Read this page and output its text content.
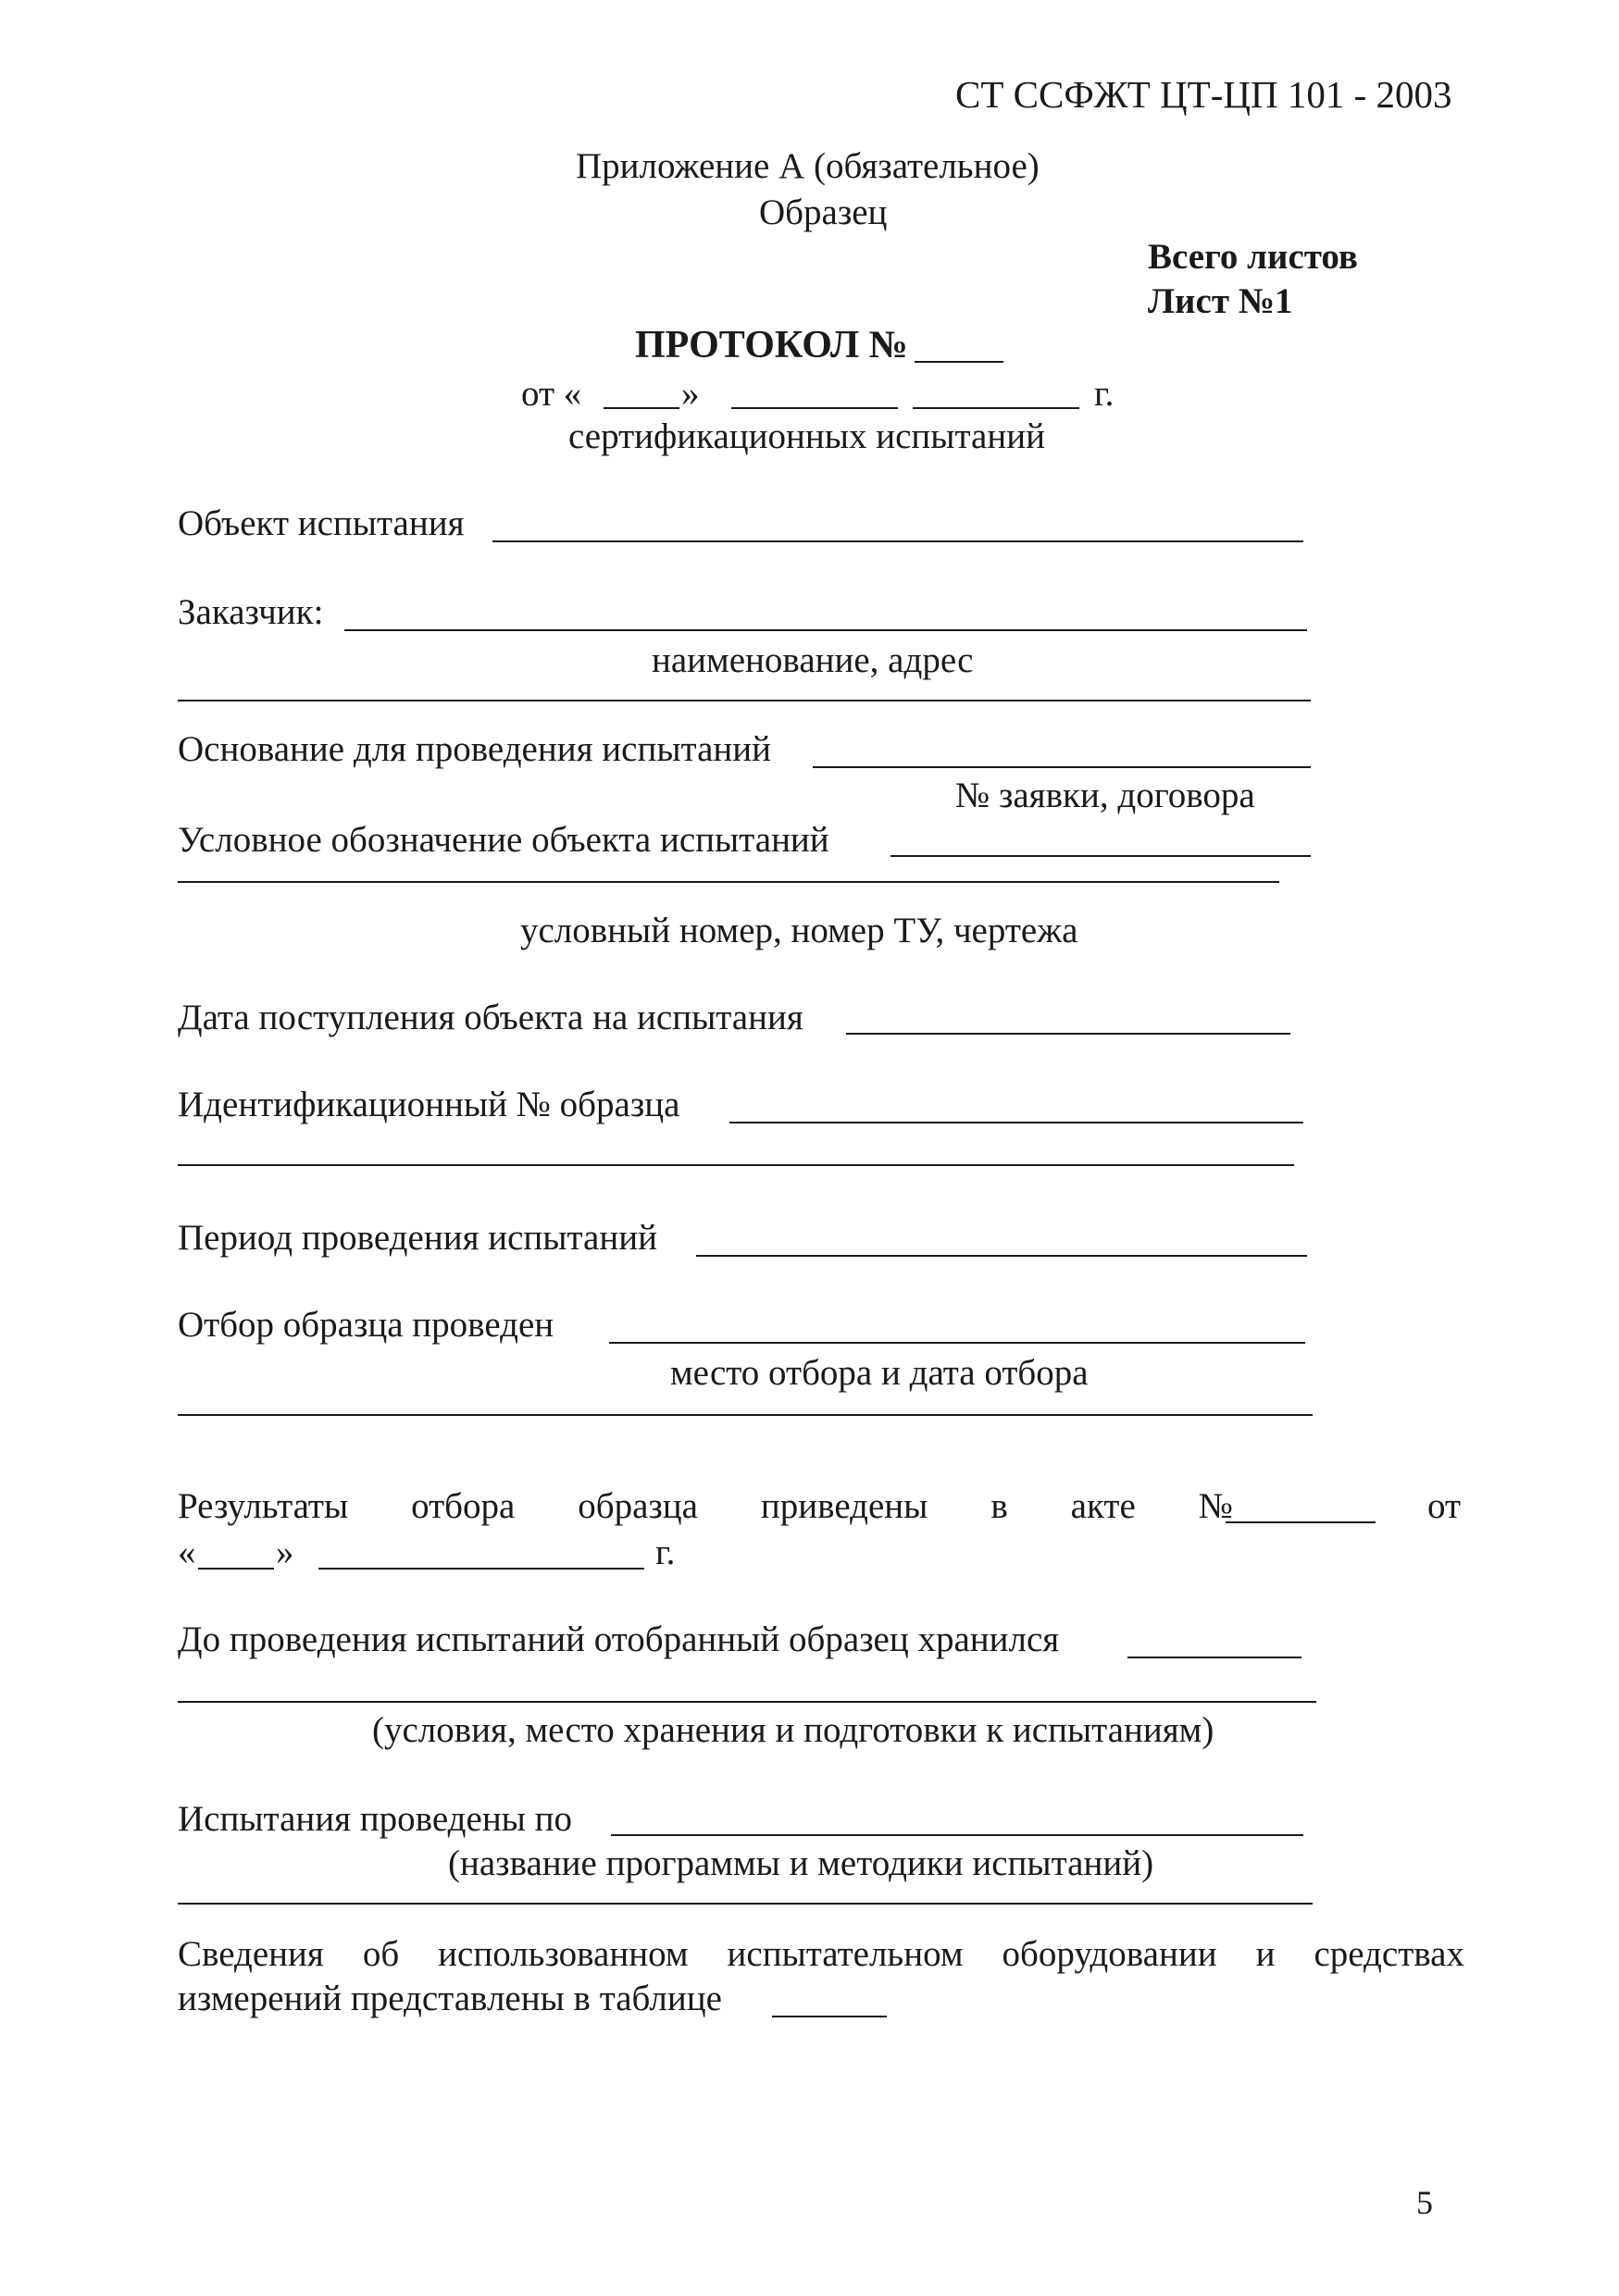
СТ ССФЖТ ЦТ-ЦП 101 - 2003
Приложение А (обязательное)
Образец
Всего листов
Лист №1
ПРОТОКОЛ №
от «	»	г.
сертификационных испытаний
Объект испытания
Заказчик:
наименование, адрес
Основание для проведения испытаний
№ заявки, договора
Условное обозначение объекта испытаний
условный номер, номер ТУ, чертежа
Дата поступления объекта на испытания
Идентификационный № образца
Период проведения испытаний
Отбор образца проведен
место отбора и дата отбора
Результаты отбора образца приведены в акте №	от
« »	г.
До проведения испытаний отобранный образец хранился
(условия, место хранения и подготовки к испытаниям)
Испытания проведены по
(название программы и методики испытаний)
Сведения об использованном испытательном оборудовании и средствах
измерений представлены в таблице
5
